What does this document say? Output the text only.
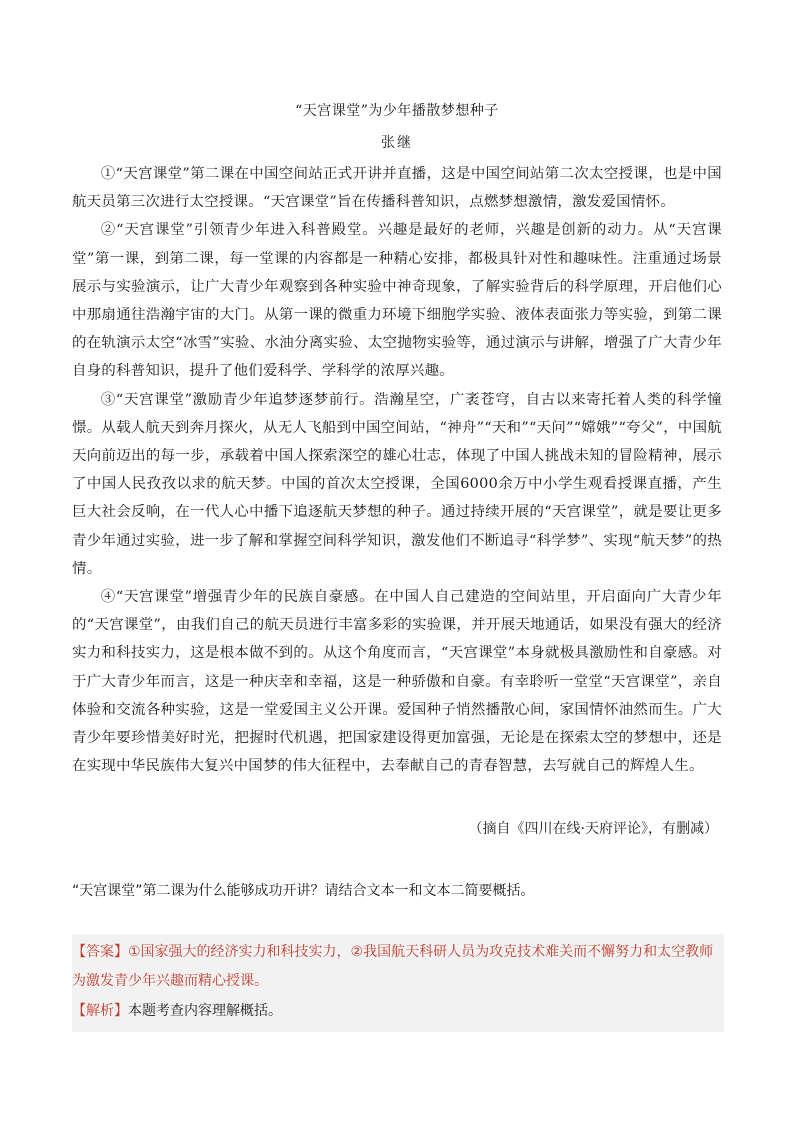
“天宫课堂”为少年播散梦想种子
张继

①“天宫课堂”第二课在中国空间站正式开讲并直播，这是中国空间站第二次太空授课，也是中国航天员第三次进行太空授课。“天宫课堂”旨在传播科普知识，点燃梦想激情，激发爱国情怀。

②“天宫课堂”引领青少年进入科普殿堂。兴趣是最好的老师，兴趣是创新的动力。从“天宫课堂”第一课，到第二课，每一堂课的内容都是一种精心安排，都极具针对性和趣味性。注重通过场景展示与实验演示，让广大青少年观察到各种实验中神奇现象，了解实验背后的科学原理，开启他们心中那扇通往浩瀚宇宙的大门。从第一课的微重力环境下细胞学实验、液体表面张力等实验，到第二课的在轨演示太空“冰雪”实验、水油分离实验、太空抛物实验等，通过演示与讲解，增强了广大青少年自身的科普知识，提升了他们爱科学、学科学的浓厚兴趣。

③“天宫课堂”激励青少年追梦逐梦前行。浩瀚星空，广袤苍穹，自古以来寄托着人类的科学憧憬。从载人航天到奔月探火，从无人飞船到中国空间站，“神舟”“天和”“天问”“嫦娥”“夸父”，中国航天向前迈出的每一步，承载着中国人探索深空的雄心壮志，体现了中国人挑战未知的冒险精神，展示了中国人民孜孜以求的航天梦。中国的首次太空授课，全国6000余万中小学生观看授课直播，产生巨大社会反响，在一代人心中播下追逐航天梦想的种子。通过持续开展的“天宫课堂”，就是要让更多青少年通过实验，进一步了解和掌握空间科学知识，激发他们不断追寻“科学梦”、实现“航天梦”的热情。

④“天宫课堂”增强青少年的民族自豪感。在中国人自己建造的空间站里，开启面向广大青少年的“天宫课堂”，由我们自己的航天员进行丰富多彩的实验课，并开展天地通话，如果没有强大的经济实力和科技实力，这是根本做不到的。从这个角度而言，“天宫课堂”本身就极具激励性和自豪感。对于广大青少年而言，这是一种庆幸和幸福，这是一种骄傲和自豪。有幸聆听一堂堂“天宫课堂”，亲自体验和交流各种实验，这是一堂爱国主义公开课。爱国种子悄然播散心间，家国情怀油然而生。广大青少年要珍惜美好时光，把握时代机遇，把国家建设得更加富强，无论是在探索太空的梦想中，还是在实现中华民族伟大复兴中国梦的伟大征程中，去奉献自己的青春智慧，去写就自己的辉煌人生。

（摘自《四川在线·天府评论》，有删减）
“天宫课堂”第二课为什么能够成功开讲？请结合文本一和文本二简要概括。

【答案】①国家强大的经济实力和科技实力，②我国航天科研人员为攻克技术难关而不懈努力和太空教师为激发青少年兴趣而精心授课。

【解析】本题考查内容理解概括。
